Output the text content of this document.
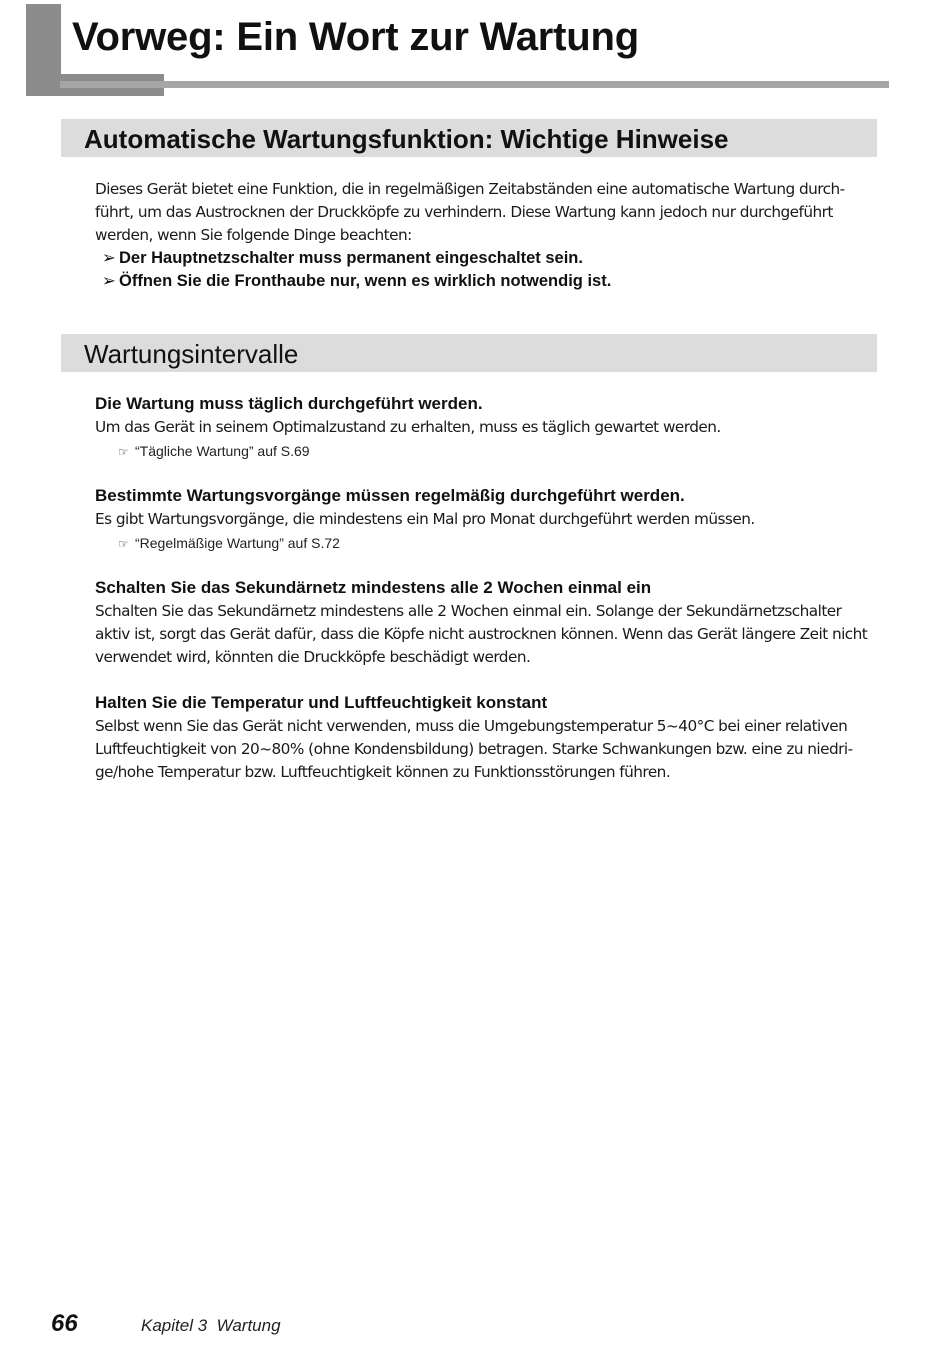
Vorweg: Ein Wort zur Wartung
Automatische Wartungsfunktion: Wichtige Hinweise

Dieses Gerät bietet eine Funktion, die in regelmäßigen Zeitabständen eine automatische Wartung durch-
führt, um das Austrocknen der Druckköpfe zu verhindern. Diese Wartung kann jedoch nur durchgeführt
werden, wenn Sie folgende Dinge beachten:

➢ Der Hauptnetzschalter muss permanent eingeschaltet sein.

➢ Öffnen Sie die Fronthaube nur, wenn es wirklich notwendig ist.

Wartungsintervalle
Die Wartung muss täglich durchgeführt werden.

Um das Gerät in seinem Optimalzustand zu erhalten, muss es täglich gewartet werden.

☞ “Tägliche Wartung” auf S.69

Bestimmte Wartungsvorgänge müssen regelmäßig durchgeführt werden.

Es gibt Wartungsvorgänge, die mindestens ein Mal pro Monat durchgeführt werden müssen.

☞ “Regelmäßige Wartung” auf S.72

Schalten Sie das Sekundärnetz mindestens alle 2 Wochen einmal ein

Schalten Sie das Sekundärnetz mindestens alle 2 Wochen einmal ein. Solange der Sekundärnetzschalter
aktiv ist, sorgt das Gerät dafür, dass die Köpfe nicht austrocknen können. Wenn das Gerät längere Zeit nicht
verwendet wird, könnten die Druckköpfe beschädigt werden.

Halten Sie die Temperatur und Luftfeuchtigkeit konstant

Selbst wenn Sie das Gerät nicht verwenden, muss die Umgebungstemperatur 5~40°C bei einer relativen
Luftfeuchtigkeit von 20~80% (ohne Kondensbildung) betragen. Starke Schwankungen bzw. eine zu niedri-
ge/hohe Temperatur bzw. Luftfeuchtigkeit können zu Funktionsstörungen führen.

66	Kapitel 3  Wartung
